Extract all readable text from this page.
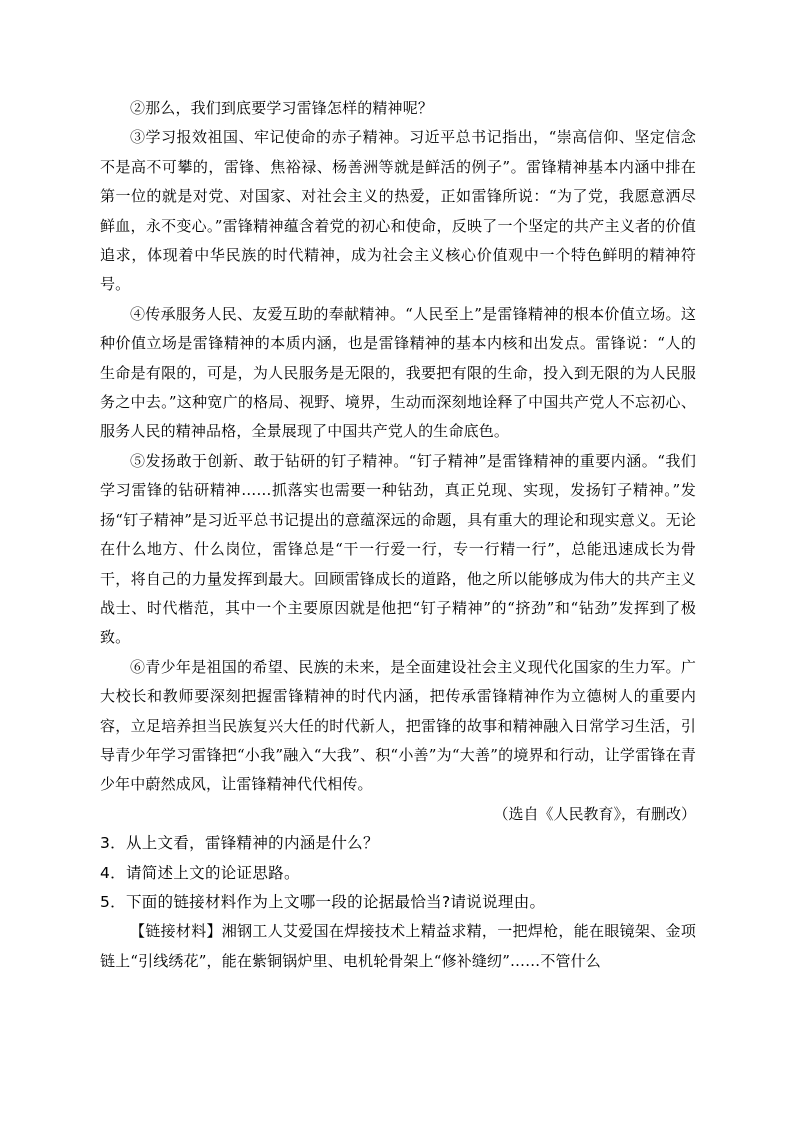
②那么，我们到底要学习雷锋怎样的精神呢？

③学习报效祖国、牢记使命的赤子精神。习近平总书记指出，“崇高信仰、坚定信念不是高不可攀的，雷锋、焦裕禄、杨善洲等就是鲜活的例子”。雷锋精神基本内涵中排在第一位的就是对党、对国家、对社会主义的热爱，正如雷锋所说：“为了党，我愿意洒尽鲜血，永不变心。”雷锋精神蕴含着党的初心和使命，反映了一个坚定的共产主义者的价值追求，体现着中华民族的时代精神，成为社会主义核心价值观中一个特色鲜明的精神符号。

④传承服务人民、友爱互助的奉献精神。“人民至上”是雷锋精神的根本价值立场。这种价值立场是雷锋精神的本质内涵，也是雷锋精神的基本内核和出发点。雷锋说：“人的生命是有限的，可是，为人民服务是无限的，我要把有限的生命，投入到无限的为人民服务之中去。”这种宽广的格局、视野、境界，生动而深刻地诠释了中国共产党人不忘初心、服务人民的精神品格，全景展现了中国共产党人的生命底色。

⑤发扬敢于创新、敢于钻研的钉子精神。“钉子精神”是雷锋精神的重要内涵。“我们学习雷锋的钻研精神……抓落实也需要一种钻劲，真正兑现、实现，发扬钉子精神。”发扬“钉子精神”是习近平总书记提出的意蕴深远的命题，具有重大的理论和现实意义。无论在什么地方、什么岗位，雷锋总是“干一行爱一行，专一行精一行”，总能迅速成长为骨干，将自己的力量发挥到最大。回顾雷锋成长的道路，他之所以能够成为伟大的共产主义战士、时代楷范，其中一个主要原因就是他把“钉子精神”的“挤劲”和“钻劲”发挥到了极致。

⑥青少年是祖国的希望、民族的未来，是全面建设社会主义现代化国家的生力军。广大校长和教师要深刻把握雷锋精神的时代内涵，把传承雷锋精神作为立德树人的重要内容，立足培养担当民族复兴大任的时代新人，把雷锋的故事和精神融入日常学习生活，引导青少年学习雷锋把“小我”融入“大我”、积“小善”为“大善”的境界和行动，让学雷锋在青少年中蔚然成风，让雷锋精神代代相传。

（选自《人民教育》，有删改）

3．从上文看，雷锋精神的内涵是什么？

4．请简述上文的论证思路。

5．下面的链接材料作为上文哪一段的论据最恰当?请说说理由。

【链接材料】湘钢工人艾爱国在焊接技术上精益求精，一把焊枪，能在眼镜架、金项链上“引线绣花”，能在紫铜锅炉里、电机轮骨架上“修补缝纫”……不管什么
